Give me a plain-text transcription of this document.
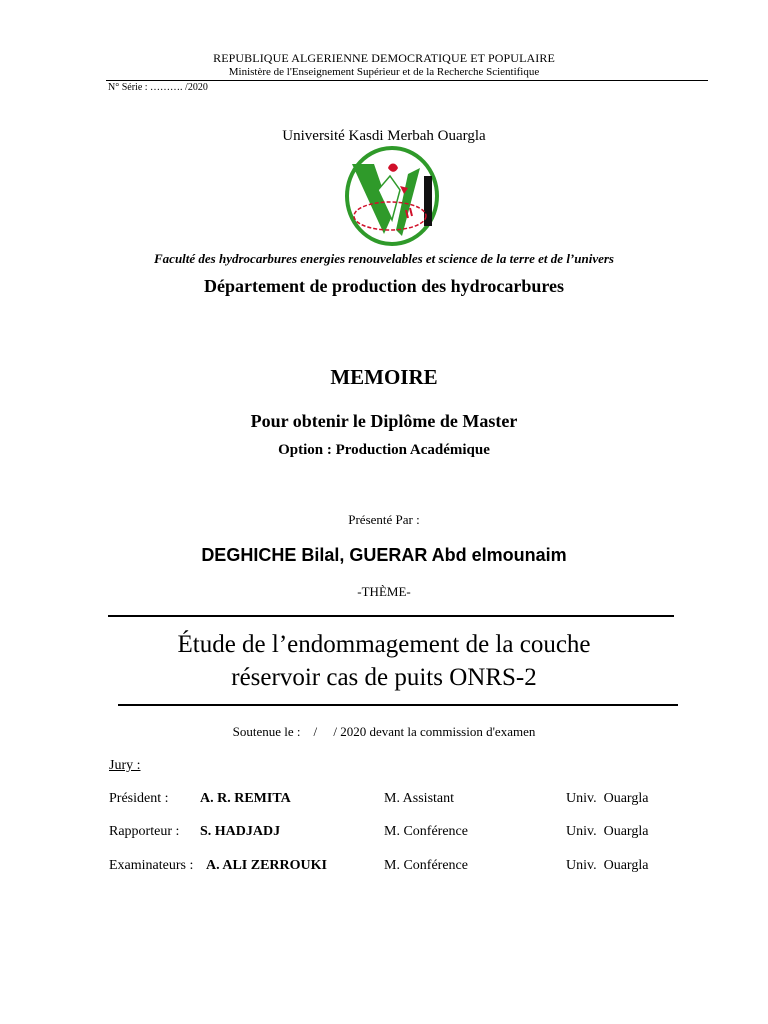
REPUBLIQUE ALGERIENNE DEMOCRATIQUE ET POPULAIRE
Ministère de l'Enseignement Supérieur et de la Recherche Scientifique
N° Série : ………. /2020
Université Kasdi Merbah Ouargla
Faculté des hydrocarbures energies renouvelables et science de la terre et de l’univers
Département de production des hydrocarbures
MEMOIRE
Pour obtenir le Diplôme de Master
Option : Production Académique
Présenté Par :
DEGHICHE Bilal, GUERAR Abd elmounaim
-THÈME-
Étude de l’endommagement de la couche
réservoir cas de puits ONRS-2
Soutenue le :    /     / 2020 devant la commission d'examen
Jury :
Président : A. R. REMITA	M. Assistant	Univ.  Ouargla
Rapporteur : S. HADJADJ	M. Conférence	Univ.  Ouargla
Examinateurs : A. ALI ZERROUKI	M. Conférence	Univ.  Ouargla
